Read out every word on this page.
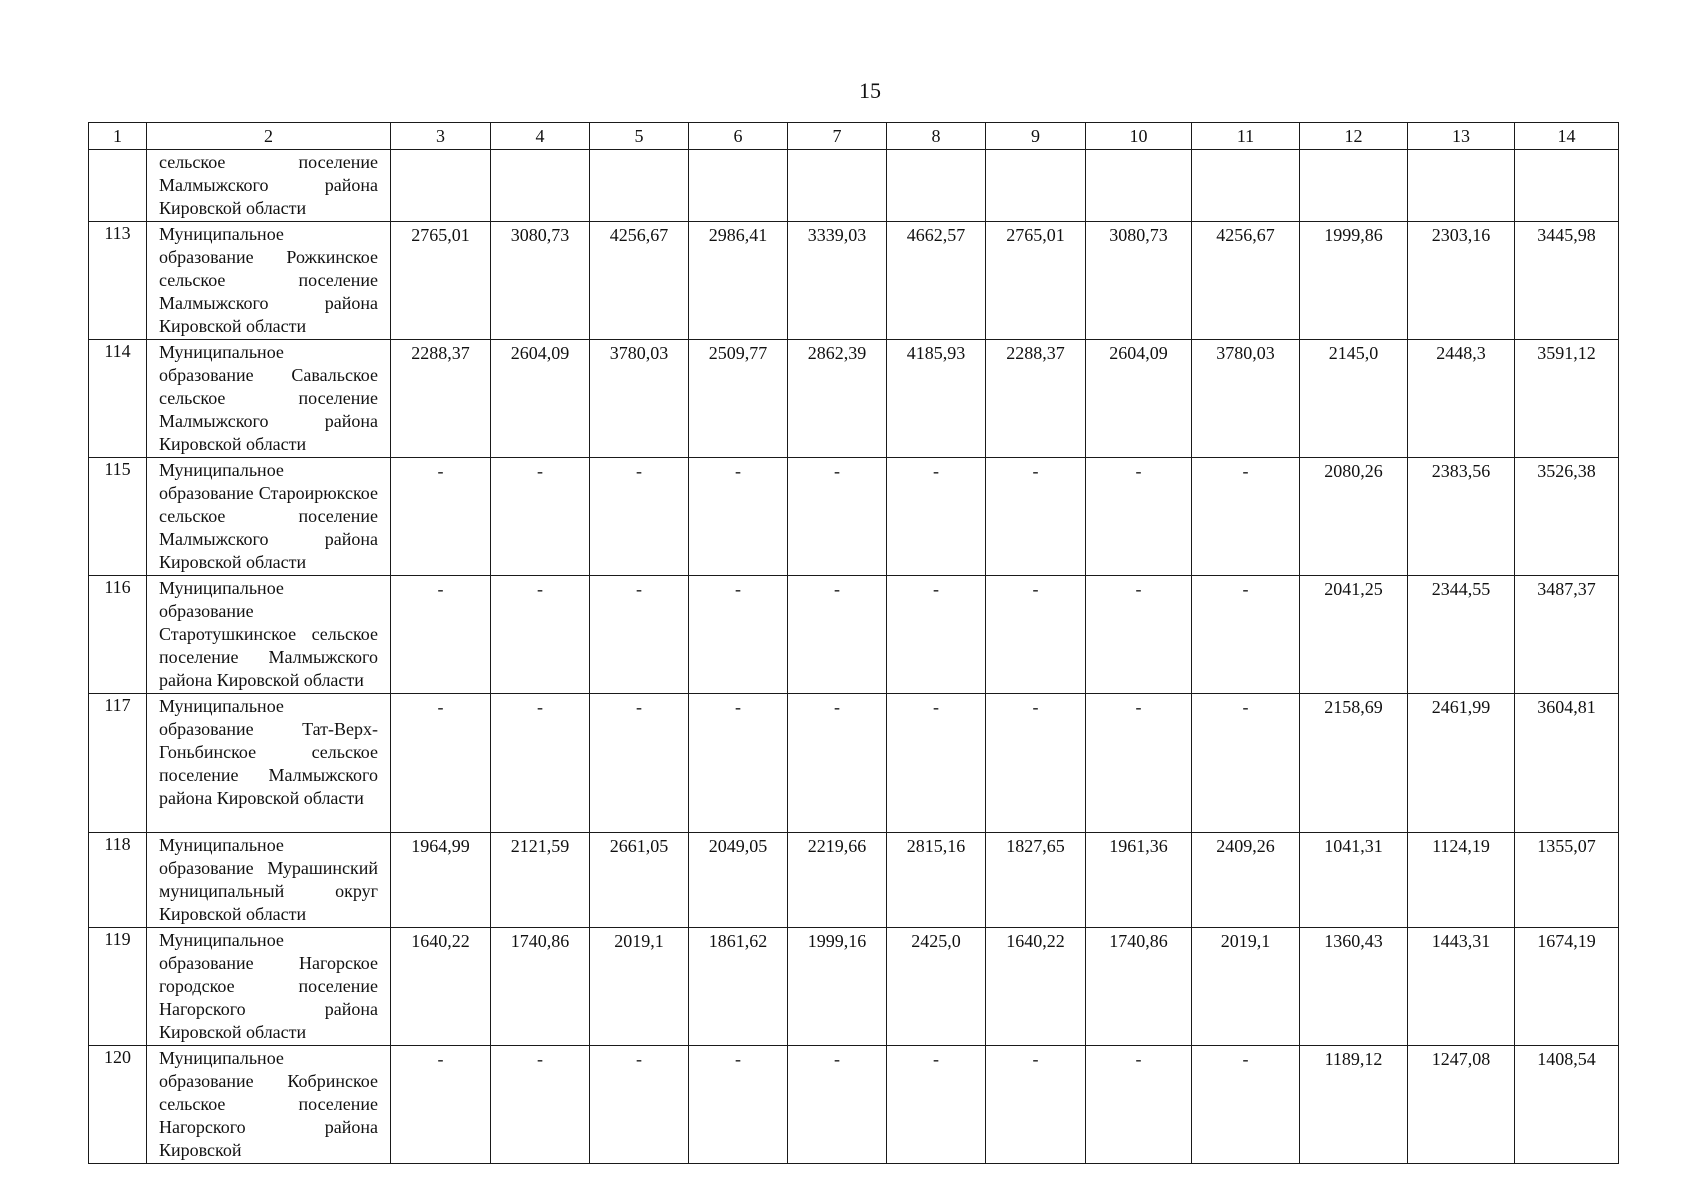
15
1	2	3	4	5	6	7	8	9	10	11	12	13	14
	сельское поселение Малмыжского района Кировской области												
113	Муниципальное образование Рожкинское сельское поселение Малмыжского района Кировской области	2765,01	3080,73	4256,67	2986,41	3339,03	4662,57	2765,01	3080,73	4256,67	1999,86	2303,16	3445,98
114	Муниципальное образование Савальское сельское поселение Малмыжского района Кировской области	2288,37	2604,09	3780,03	2509,77	2862,39	4185,93	2288,37	2604,09	3780,03	2145,0	2448,3	3591,12
115	Муниципальное образование Староирюкское сельское поселение Малмыжского района Кировской области	-	-	-	-	-	-	-	-	-	2080,26	2383,56	3526,38
116	Муниципальное образование Старотушкинское сельское поселение Малмыжского района Кировской области	-	-	-	-	-	-	-	-	-	2041,25	2344,55	3487,37
117	Муниципальное образование Тат-Верх-Гоньбинское сельское поселение Малмыжского района Кировской области	-	-	-	-	-	-	-	-	-	2158,69	2461,99	3604,81
118	Муниципальное образование Мурашинский муниципальный округ Кировской области	1964,99	2121,59	2661,05	2049,05	2219,66	2815,16	1827,65	1961,36	2409,26	1041,31	1124,19	1355,07
119	Муниципальное образование Нагорское городское поселение Нагорского района Кировской области	1640,22	1740,86	2019,1	1861,62	1999,16	2425,0	1640,22	1740,86	2019,1	1360,43	1443,31	1674,19
120	Муниципальное образование Кобринское сельское поселение Нагорского района Кировской	-	-	-	-	-	-	-	-	-	1189,12	1247,08	1408,54
